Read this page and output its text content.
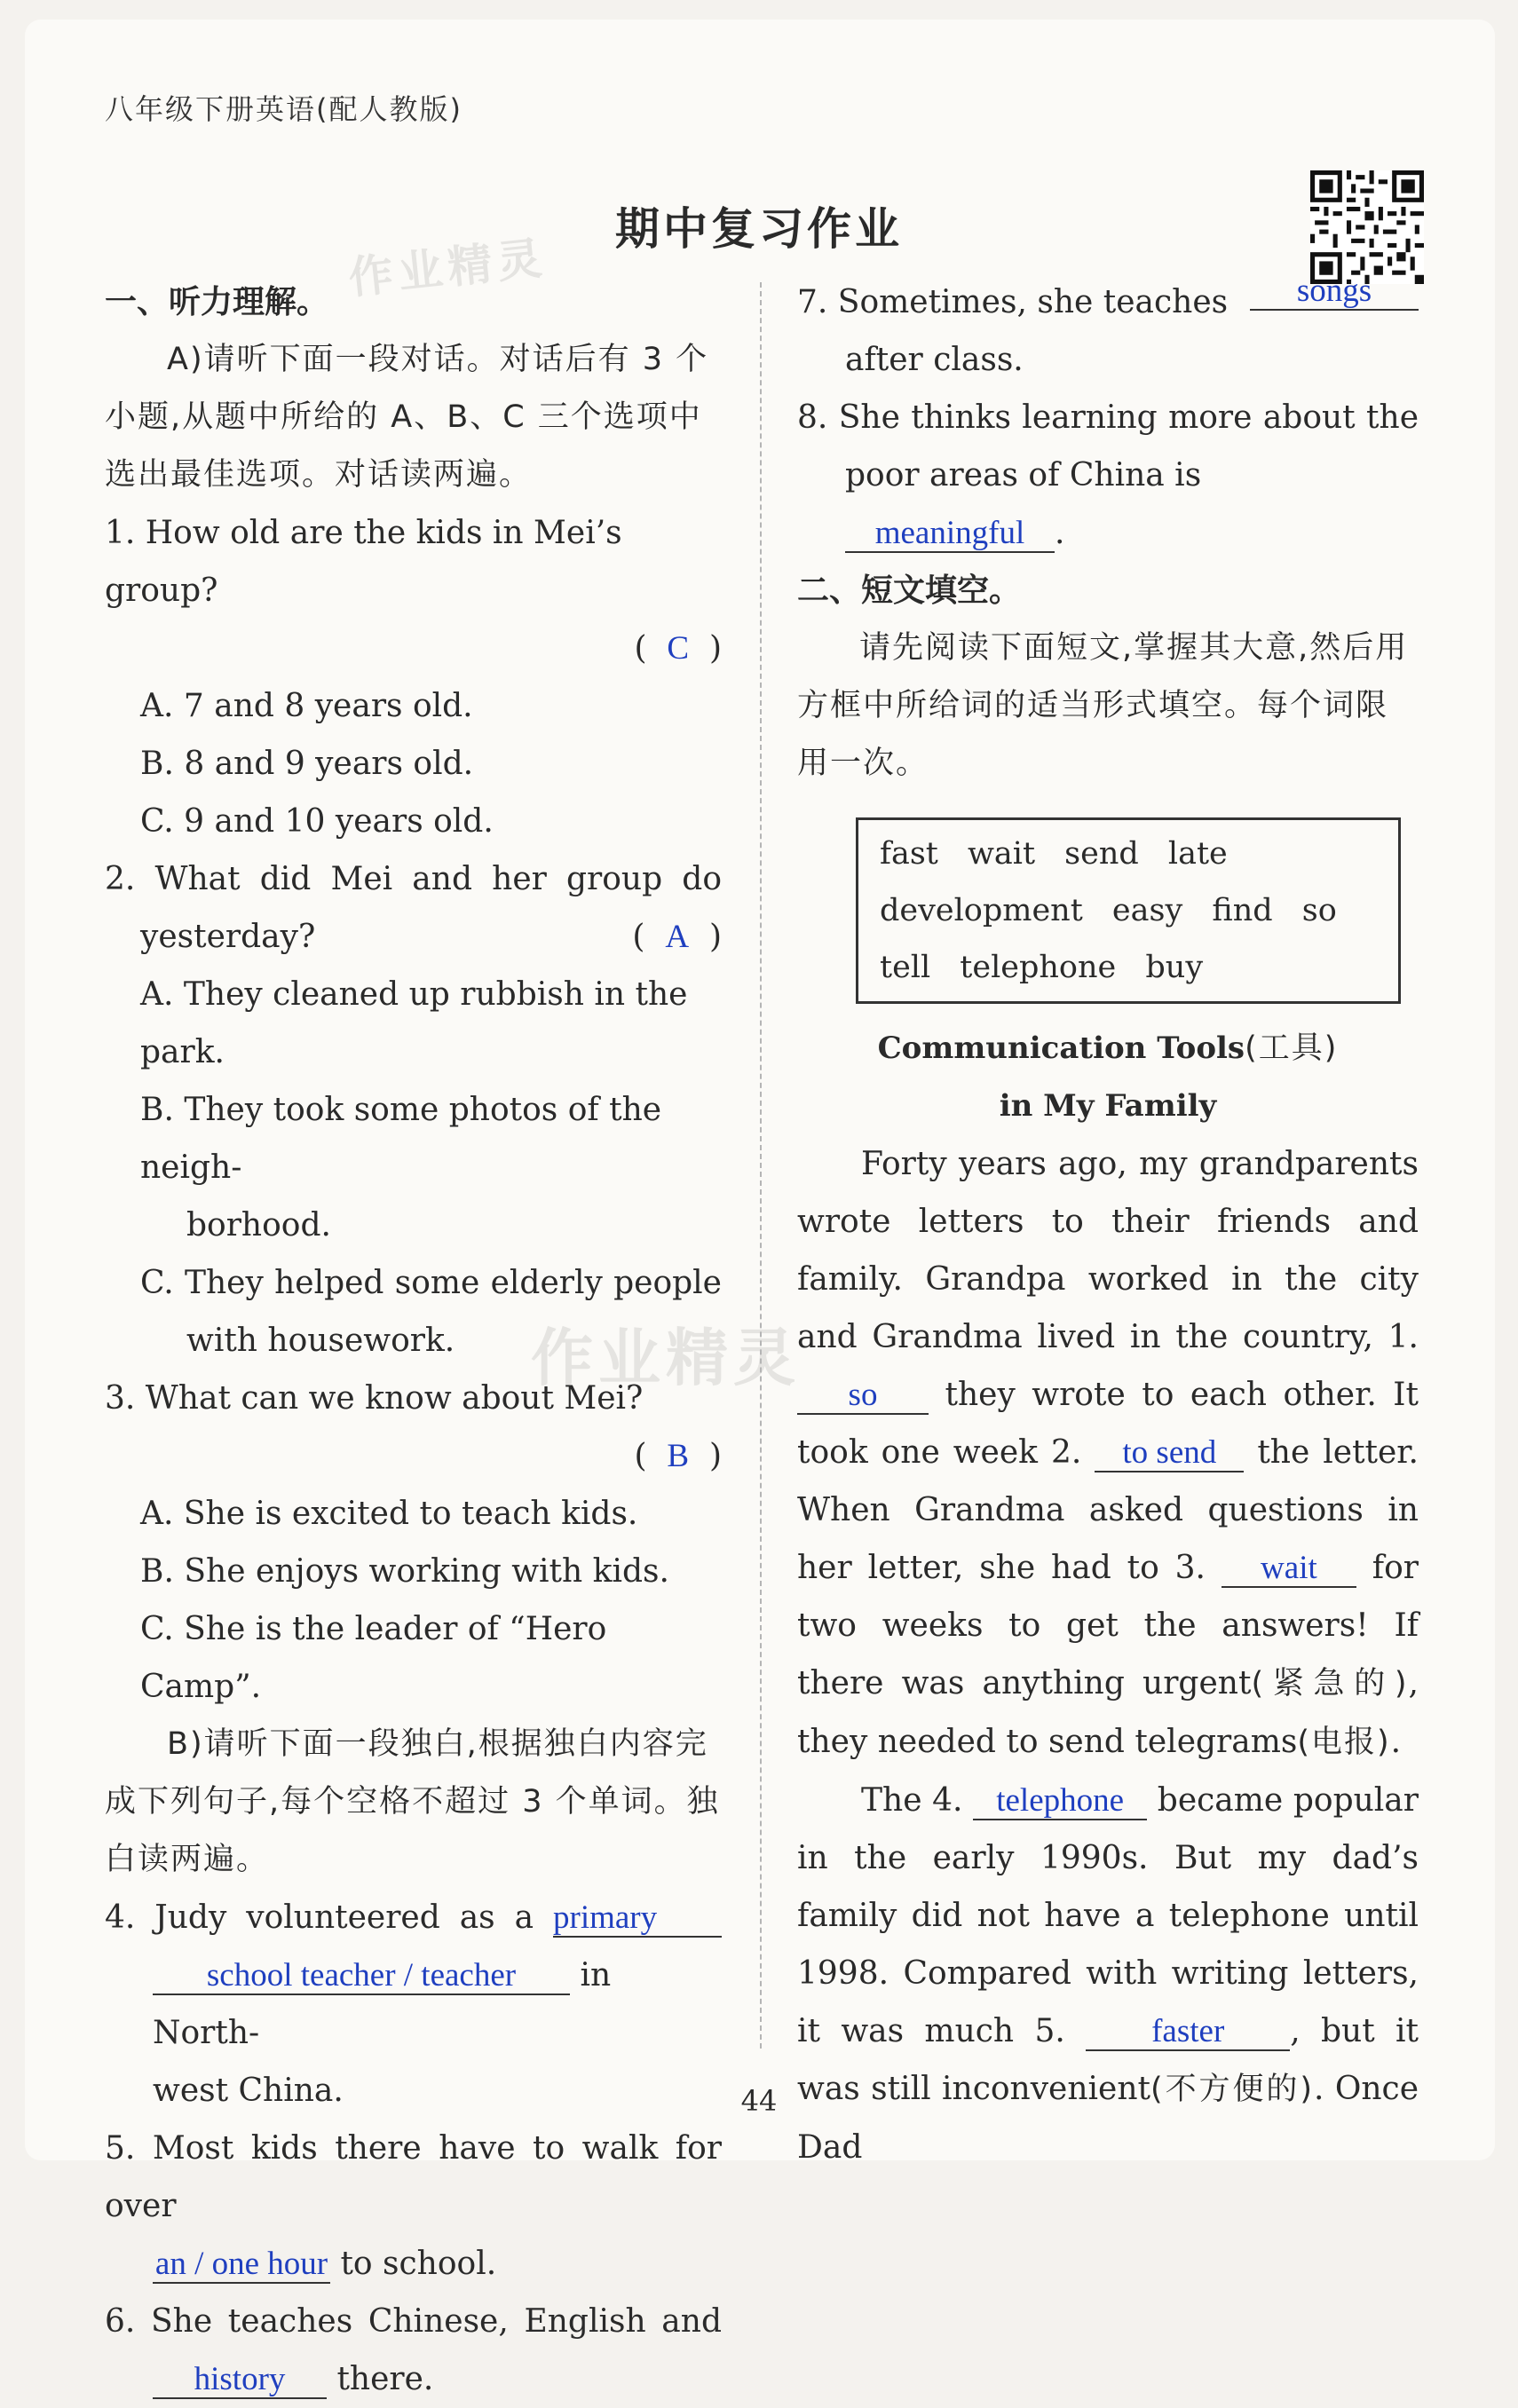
八年级下册英语(配人教版)
期中复习作业
作业精灵
作业精灵

一、听力理解。

A)请听下面一段对话。对话后有 3 个小题,从题中所给的 A、B、C 三个选项中选出最佳选项。对话读两遍。

1. How old are the kids in Mei’s group?

(  C  )

A. 7 and 8 years old.

B. 8 and 9 years old.

C. 9 and 10 years old.

2. What did Mei and her group do

yesterday?	(  A  )

A. They cleaned up rubbish in the park.

B. They took some photos of the neigh-

borhood.

C. They helped some elderly people

with housework.

3. What can we know about Mei?

(  B  )

A. She is excited to teach kids.

B. She enjoys working with kids.

C. She is the leader of “Hero Camp”.

B)请听下面一段独白,根据独白内容完成下列句子,每个空格不超过 3 个单词。独白读两遍。

4. Judy volunteered as a primary

school teacher / teacher in North-

west China.

5. Most kids there have to walk for over

an / one hour to school.

6. She teaches Chinese, English and

history there.

7. Sometimes, she teaches	songs

after class.

8. She thinks learning more about the

poor areas of China is meaningful .

二、短文填空。

请先阅读下面短文,掌握其大意,然后用方框中所给词的适当形式填空。每个词限用一次。

fast wait send late
development easy find so
tell telephone buy

Communication Tools(工具)

in My Family

Forty years ago, my grandparents wrote letters to their friends and family. Grandpa worked in the city and Grandma lived in the country, 1. so they wrote to each other. It took one week 2. to send the letter. When Grandma asked questions in her letter, she had to 3. wait for two weeks to get the answers! If there was anything urgent(紧急的), they needed to send telegrams(电报).

The 4. telephone became popular in the early 1990s. But my dad’s family did not have a telephone until 1998. Compared with writing letters, it was much 5.	faster , but it was still inconvenient(不方便的). Once Dad

44
